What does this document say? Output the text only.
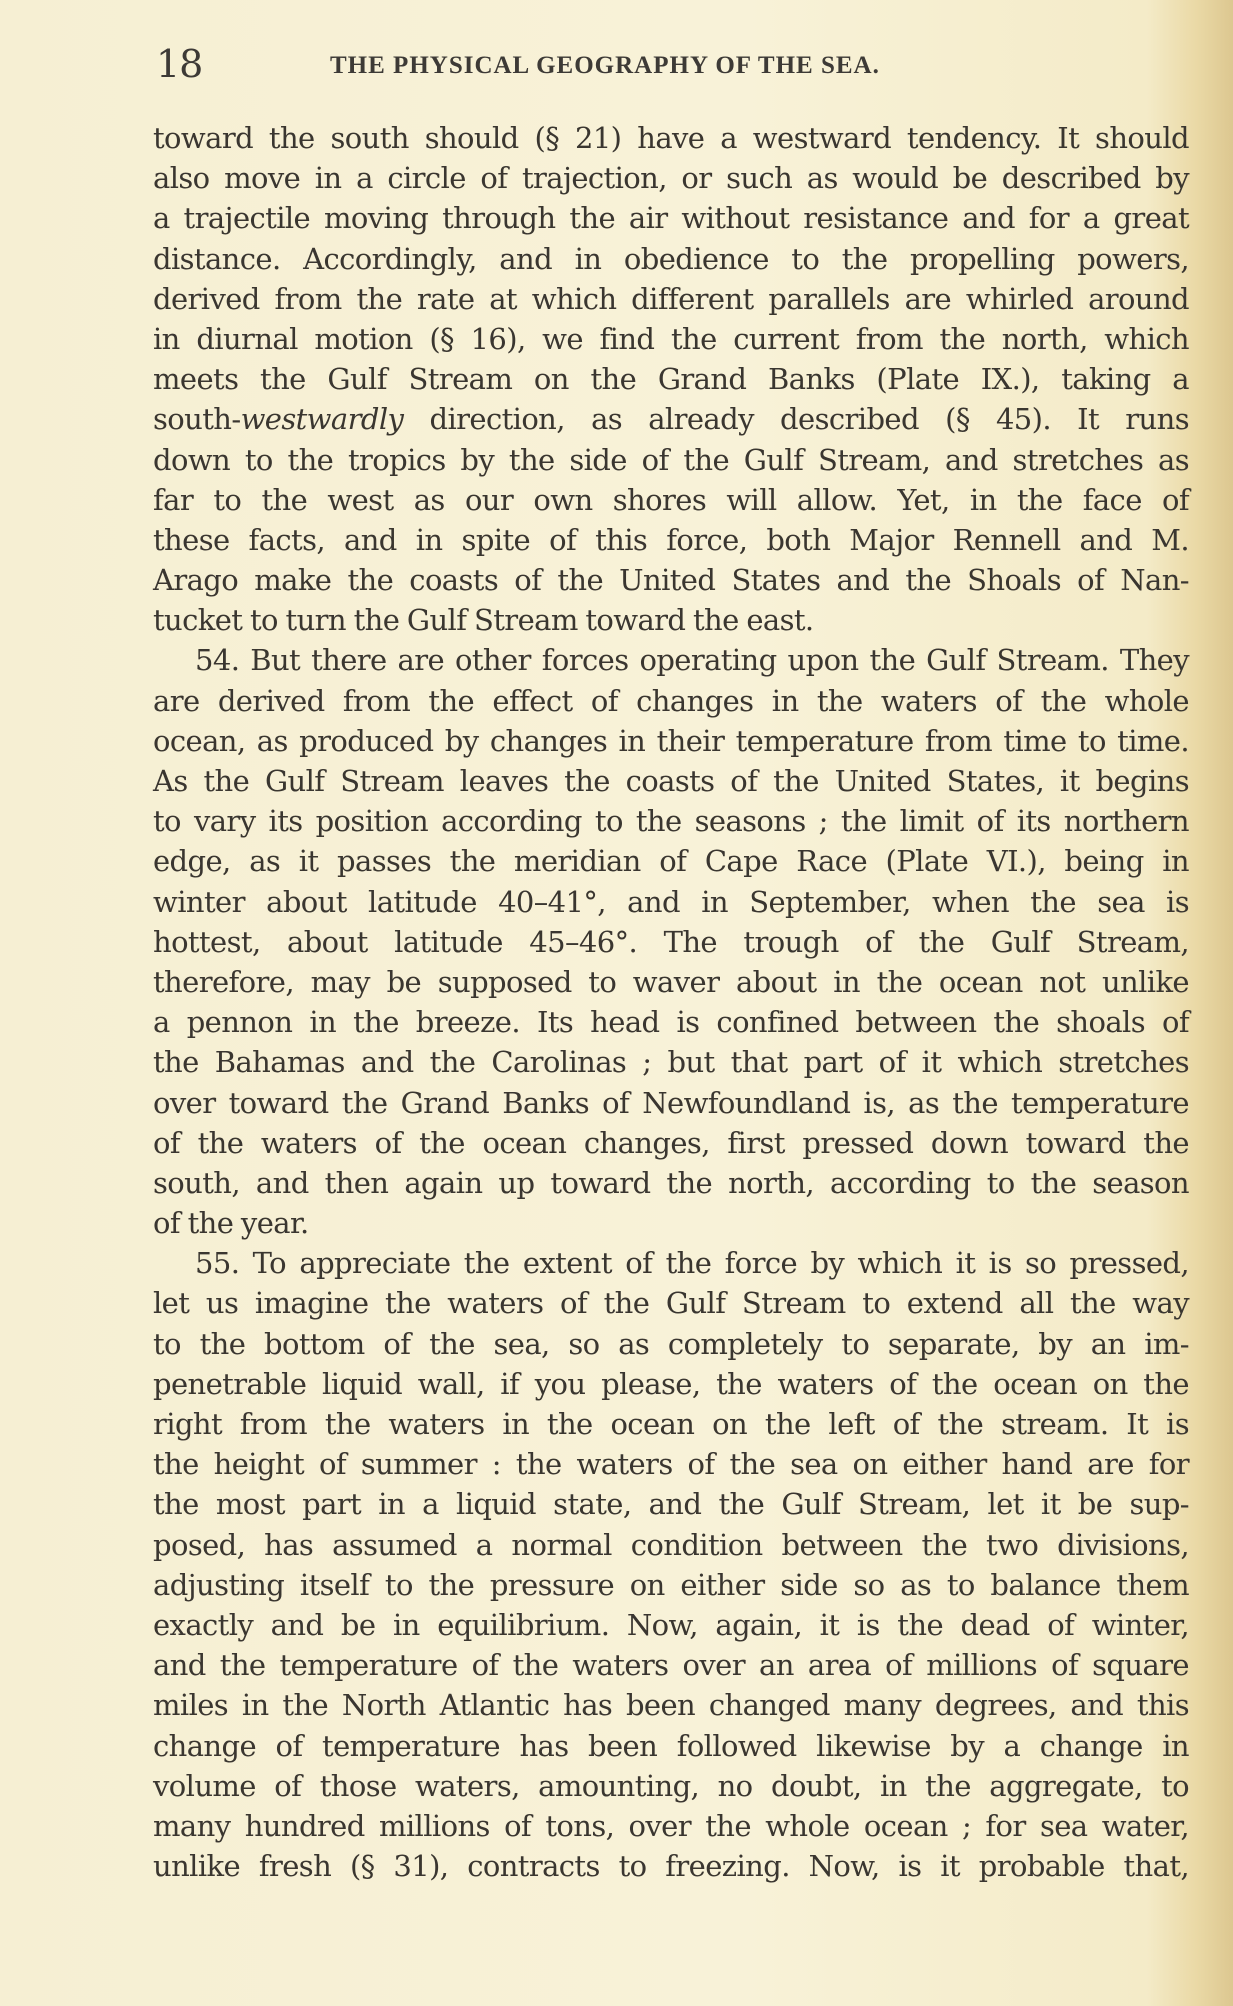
18	THE PHYSICAL GEOGRAPHY OF THE SEA.
toward the south should (§ 21) have a westward tendency. It should
also move in a circle of trajection, or such as would be described by
a trajectile moving through the air without resistance and for a great
distance. Accordingly, and in obedience to the propelling powers,
derived from the rate at which different parallels are whirled around
in diurnal motion (§ 16), we find the current from the north, which
meets the Gulf Stream on the Grand Banks (Plate IX.), taking a
south-westwardly direction, as already described (§ 45). It runs
down to the tropics by the side of the Gulf Stream, and stretches as
far to the west as our own shores will allow. Yet, in the face of
these facts, and in spite of this force, both Major Rennell and M.
Arago make the coasts of the United States and the Shoals of Nan-
tucket to turn the Gulf Stream toward the east.
54. But there are other forces operating upon the Gulf Stream. They
are derived from the effect of changes in the waters of the whole
ocean, as produced by changes in their temperature from time to time.
As the Gulf Stream leaves the coasts of the United States, it begins
to vary its position according to the seasons ; the limit of its northern
edge, as it passes the meridian of Cape Race (Plate VI.), being in
winter about latitude 40–41°, and in September, when the sea is
hottest, about latitude 45–46°. The trough of the Gulf Stream,
therefore, may be supposed to waver about in the ocean not unlike
a pennon in the breeze. Its head is confined between the shoals of
the Bahamas and the Carolinas ; but that part of it which stretches
over toward the Grand Banks of Newfoundland is, as the temperature
of the waters of the ocean changes, first pressed down toward the
south, and then again up toward the north, according to the season
of the year.
55. To appreciate the extent of the force by which it is so pressed,
let us imagine the waters of the Gulf Stream to extend all the way
to the bottom of the sea, so as completely to separate, by an im-
penetrable liquid wall, if you please, the waters of the ocean on the
right from the waters in the ocean on the left of the stream. It is
the height of summer : the waters of the sea on either hand are for
the most part in a liquid state, and the Gulf Stream, let it be sup-
posed, has assumed a normal condition between the two divisions,
adjusting itself to the pressure on either side so as to balance them
exactly and be in equilibrium. Now, again, it is the dead of winter,
and the temperature of the waters over an area of millions of square
miles in the North Atlantic has been changed many degrees, and this
change of temperature has been followed likewise by a change in
volume of those waters, amounting, no doubt, in the aggregate, to
many hundred millions of tons, over the whole ocean ; for sea water,
unlike fresh (§ 31), contracts to freezing. Now, is it probable that,
